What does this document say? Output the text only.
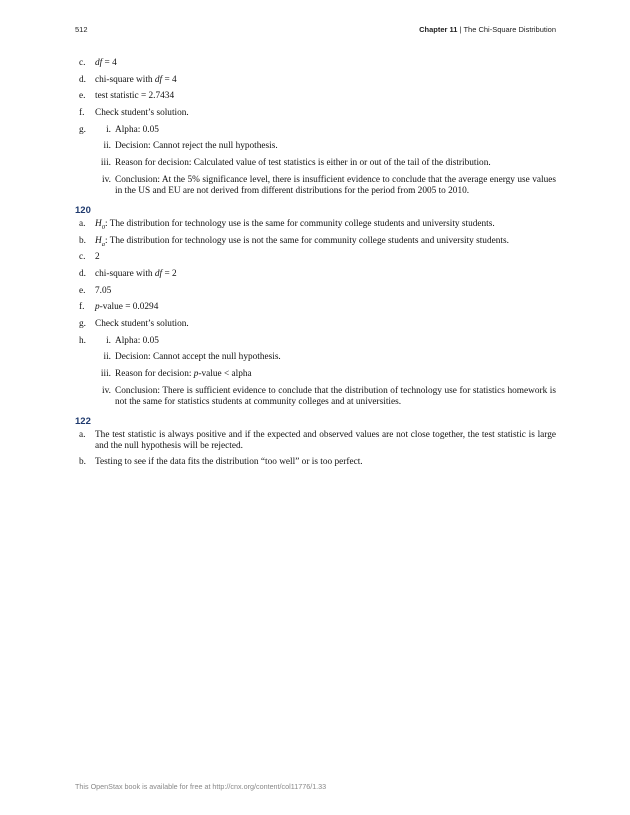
512	Chapter 11 | The Chi-Square Distribution
c.	df = 4
d. chi-square with df = 4
e.	test statistic = 2.7434
f.	Check student’s solution.
g.	i. Alpha: 0.05
ii. Decision: Cannot reject the null hypothesis.
iii. Reason for decision: Calculated value of test statistics is either in or out of the tail of the distribution.
iv. Conclusion: At the 5% significance level, there is insufficient evidence to conclude that the average energy use values in the US and EU are not derived from different distributions for the period from 2005 to 2010.
120
a.	$H_0$: The distribution for technology use is the same for community college students and university students.
b. $H_a$: The distribution for technology use is not the same for community college students and university students.
c.	2
d. chi-square with df = 2
e.	7.05
f.	p-value = 0.0294
g. Check student’s solution.
h.	i. Alpha: 0.05
ii. Decision: Cannot accept the null hypothesis.
iii. Reason for decision: p-value < alpha
iv. Conclusion: There is sufficient evidence to conclude that the distribution of technology use for statistics homework is not the same for statistics students at community colleges and at universities.
122
a.	The test statistic is always positive and if the expected and observed values are not close together, the test statistic is large and the null hypothesis will be rejected.
b. Testing to see if the data fits the distribution “too well” or is too perfect.
This OpenStax book is available for free at http://cnx.org/content/col11776/1.33
